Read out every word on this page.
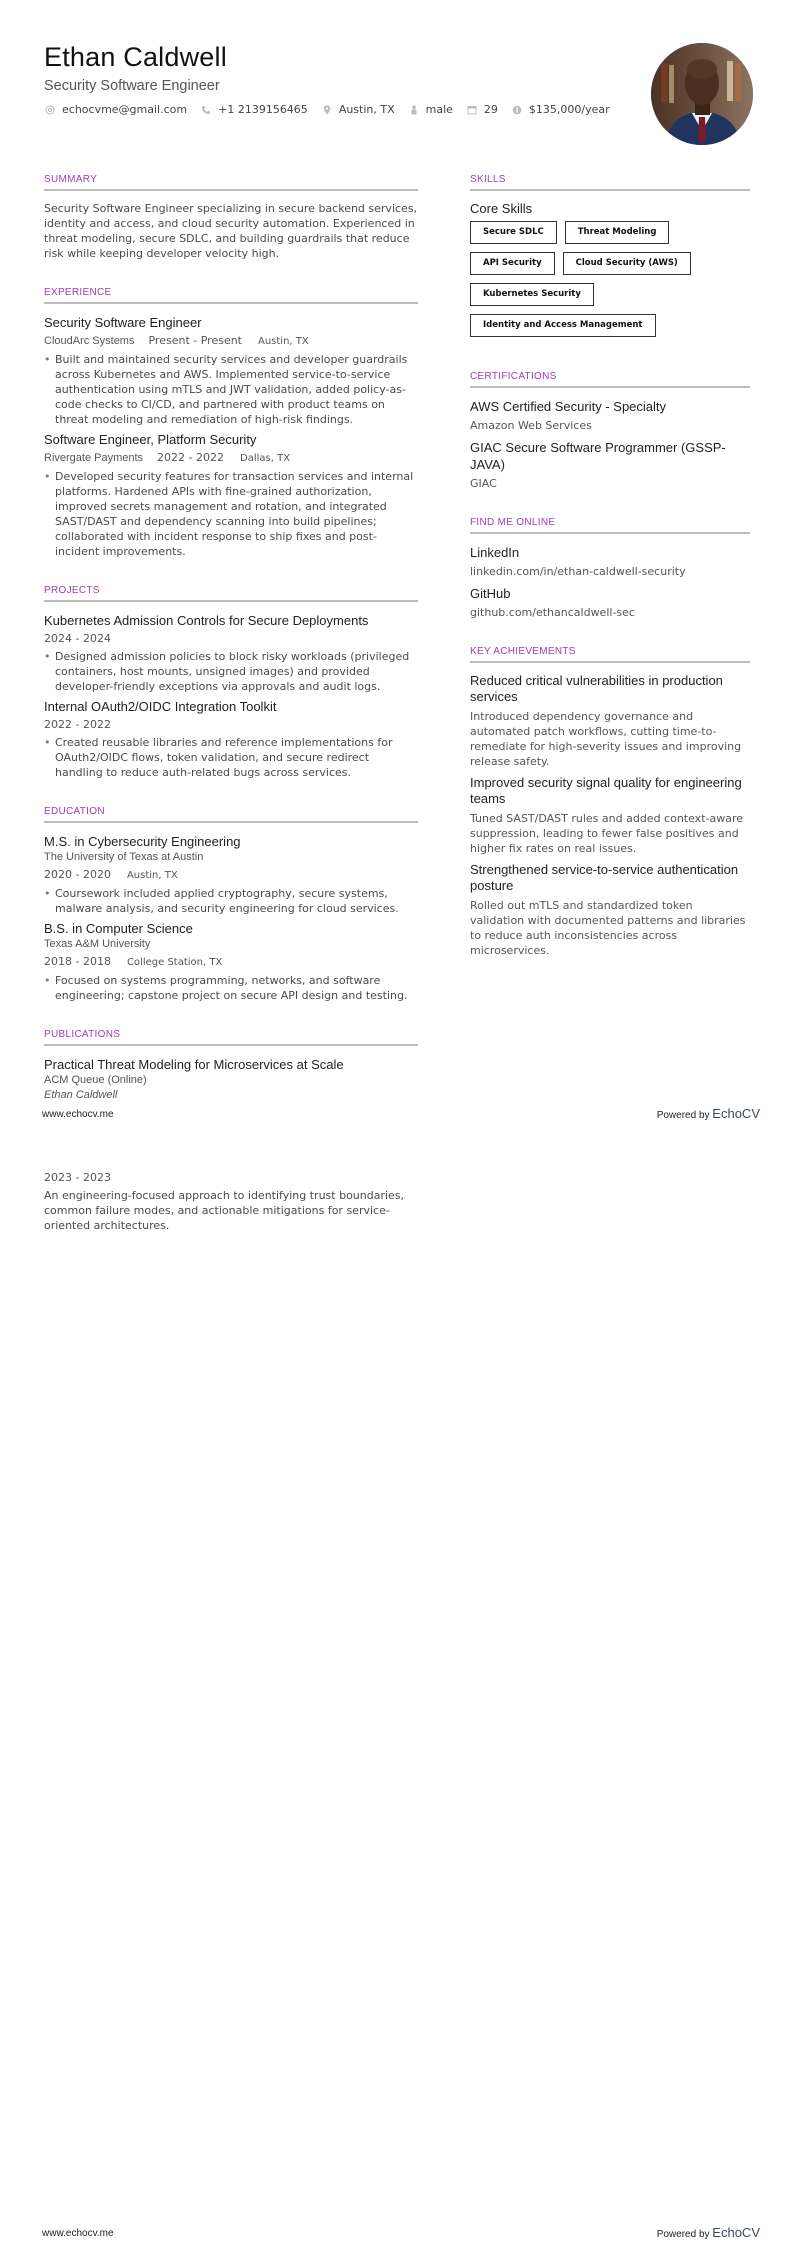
Ethan Caldwell
Security Software Engineer
echocvme@gmail.com	+1 2139156465	Austin, TX	male	29	$135,000/year
SUMMARY
Security Software Engineer specializing in secure backend services, identity and access, and cloud security automation. Experienced in threat modeling, secure SDLC, and building guardrails that reduce risk while keeping developer velocity high.
EXPERIENCE
Security Software Engineer
CloudArc Systems Present - Present Austin, TX
• Built and maintained security services and developer guardrails across Kubernetes and AWS. Implemented service-to-service authentication using mTLS and JWT validation, added policy-as-code checks to CI/CD, and partnered with product teams on threat modeling and remediation of high-risk findings.
Software Engineer, Platform Security
Rivergate Payments 2022 - 2022 Dallas, TX
• Developed security features for transaction services and internal platforms. Hardened APIs with fine-grained authorization, improved secrets management and rotation, and integrated SAST/DAST and dependency scanning into build pipelines; collaborated with incident response to ship fixes and post-incident improvements.
PROJECTS
Kubernetes Admission Controls for Secure Deployments
2024 - 2024
• Designed admission policies to block risky workloads (privileged containers, host mounts, unsigned images) and provided developer-friendly exceptions via approvals and audit logs.
Internal OAuth2/OIDC Integration Toolkit
2022 - 2022
• Created reusable libraries and reference implementations for OAuth2/OIDC flows, token validation, and secure redirect handling to reduce auth-related bugs across services.
EDUCATION
M.S. in Cybersecurity Engineering
The University of Texas at Austin
2020 - 2020 Austin, TX
• Coursework included applied cryptography, secure systems, malware analysis, and security engineering for cloud services.
B.S. in Computer Science
Texas A&M University
2018 - 2018 College Station, TX
• Focused on systems programming, networks, and software engineering; capstone project on secure API design and testing.
PUBLICATIONS
Practical Threat Modeling for Microservices at Scale
ACM Queue (Online)
Ethan Caldwell
SKILLS
Core Skills
Secure SDLC	Threat Modeling
API Security	Cloud Security (AWS)
Kubernetes Security
Identity and Access Management
CERTIFICATIONS
AWS Certified Security - Specialty
Amazon Web Services
GIAC Secure Software Programmer (GSSP-JAVA)
GIAC
FIND ME ONLINE
LinkedIn
linkedin.com/in/ethan-caldwell-security
GitHub
github.com/ethancaldwell-sec
KEY ACHIEVEMENTS
Reduced critical vulnerabilities in production services
Introduced dependency governance and automated patch workflows, cutting time-to-remediate for high-severity issues and improving release safety.
Improved security signal quality for engineering teams
Tuned SAST/DAST rules and added context-aware suppression, leading to fewer false positives and higher fix rates on real issues.
Strengthened service-to-service authentication posture
Rolled out mTLS and standardized token validation with documented patterns and libraries to reduce auth inconsistencies across microservices.
www.echocv.me	Powered by EchoCV
2023 - 2023
An engineering-focused approach to identifying trust boundaries, common failure modes, and actionable mitigations for service-oriented architectures.
www.echocv.me	Powered by EchoCV
